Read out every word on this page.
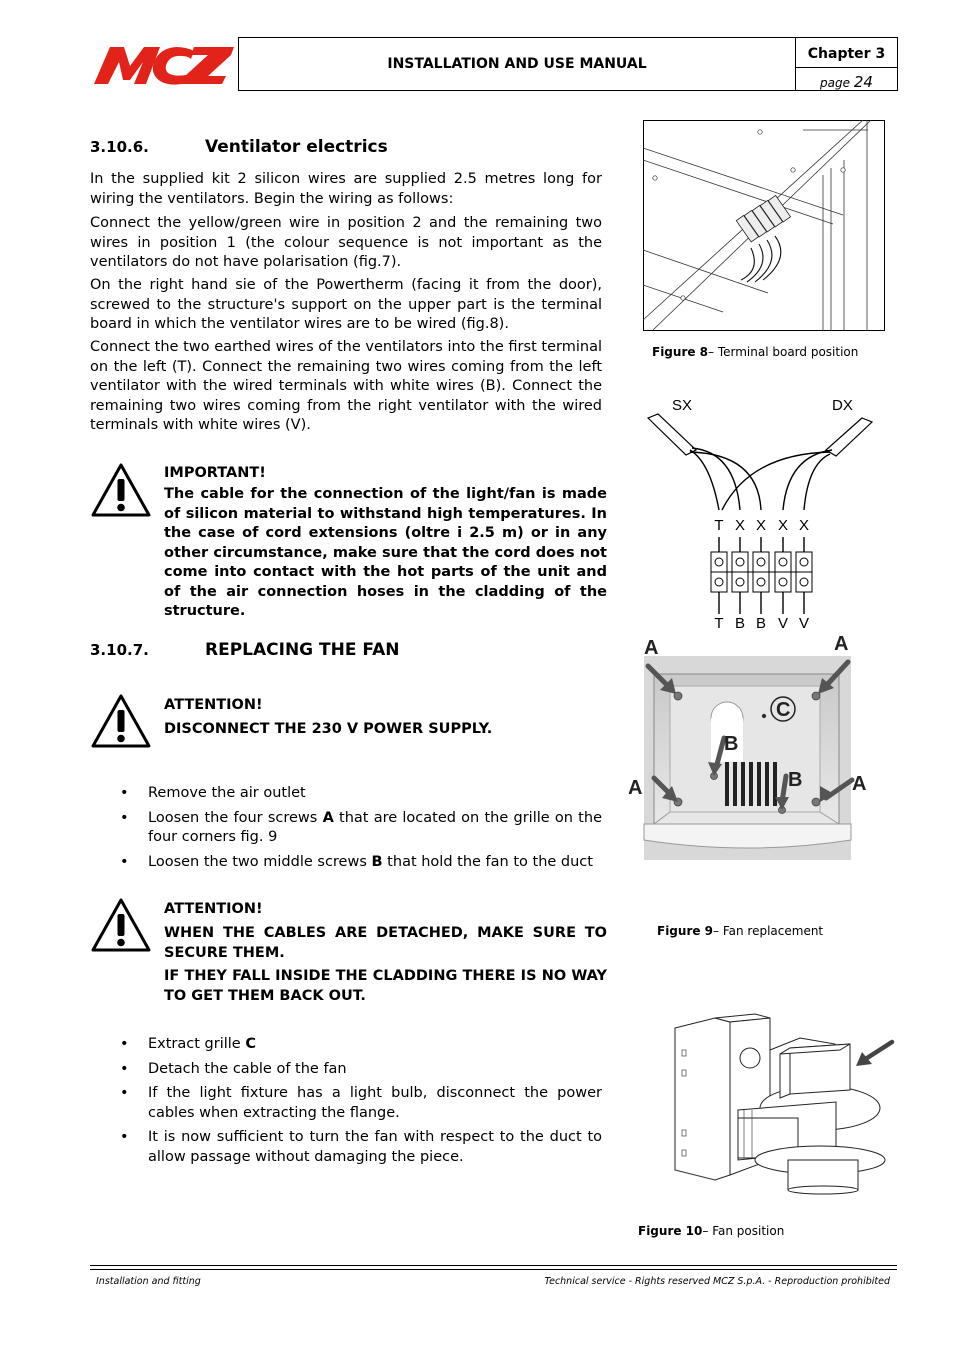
INSTALLATION AND USE MANUAL
Chapter 3
page 24
3.10.6.	Ventilator electrics

In the supplied kit 2 silicon wires are supplied 2.5 metres long for wiring the ventilators. Begin the wiring as follows:

Connect the yellow/green wire in position 2 and the remaining two wires in position 1 (the colour sequence is not important as the ventilators do not have polarisation (fig.7).

On the right hand sie of the Powertherm (facing it from the door), screwed to the structure's support on the upper part is the terminal board in which the ventilator wires are to be wired (fig.8).

Connect the two earthed wires of the ventilators into the first terminal on the left (T). Connect the remaining two wires coming from the left ventilator with the wired terminals with white wires (B). Connect the remaining two wires coming from the right ventilator with the wired terminals with white wires (V).

IMPORTANT!

The cable for the connection of the light/fan is made of silicon material to withstand high temperatures. In the case of cord extensions (oltre i 2.5 m) or in any other circumstance, make sure that the cord does not come into contact with the hot parts of the unit and of the air connection hoses in the cladding of the structure.

3.10.7.	REPLACING THE FAN
ATTENTION!
DISCONNECT THE 230 V POWER SUPPLY.
• Remove the air outlet
• Loosen the four screws A that are located on the grille on the four corners fig. 9
• Loosen the two middle screws B that hold the fan to the duct
ATTENTION!

WHEN THE CABLES ARE DETACHED, MAKE SURE TO SECURE THEM.

IF THEY FALL INSIDE THE CLADDING THERE IS NO WAY TO GET THEM BACK OUT.

• Extract grille C
• Detach the cable of the fan
• If the light fixture has a light bulb, disconnect the power cables when extracting the flange.
• It is now sufficient to turn the fan with respect to the duct to allow passage without damaging the piece.
Figure 8– Terminal board position
SX	DX
T X X X X
T B B V V
A	A
A	A
B
B
C
Figure 9– Fan replacement
Figure 10– Fan position
Installation and fitting	Technical service - Rights reserved MCZ S.p.A. - Reproduction prohibited
